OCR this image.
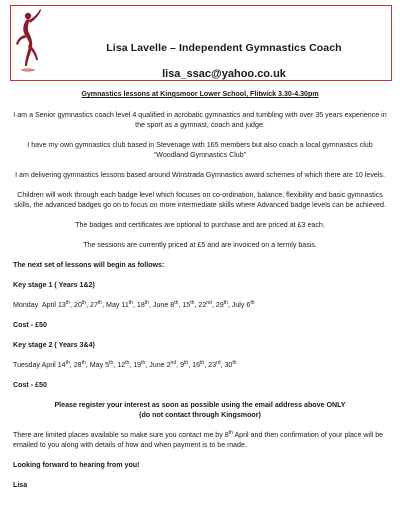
Lisa Lavelle – Independent Gymnastics Coach
lisa_ssac@yahoo.co.uk

Gymnastics lessons at Kingsmoor Lower School, Flitwick 3.30-4.30pm

I am a Senior gymnastics coach level 4 qualified in acrobatic gymnastics and tumbling with over 35 years experience in the sport as a gymnast, coach and judge.

I have my own gymnastics club based in Stevenage with 165 members but also coach a local gymnastics club “Woodland Gymnastics Club”

I am delivering gymnastics lessons based around Winstrada Gymnastics award schemes of which there are 10 levels.

Children will work through each badge level which focuses on co-ordination, balance, flexibility and basic gymnastics skills, the advanced badges go on to focus on more intermediate skills where Advanced badge levels can be achieved.

The badges and certificates are optional to purchase and are priced at £3 each.

The sessions are currently priced at £5 and are invoiced on a termly basis.

The next set of lessons will begin as follows:

Key stage 1 ( Years 1&2)

Monday April 13th, 20th, 27th, May 11th, 18th, June 8th, 15th, 22nd, 29th, July 6th

Cost - £50

Key stage 2 ( Years 3&4)

Tuesday April 14th, 28th, May 5th, 12th, 19th, June 2nd, 9th, 16th, 23rd, 30th

Cost - £50

Please register your interest as soon as possible using the email address above ONLY

(do not contact through Kingsmoor)

There are limited places available so make sure you contact me by 8th April and then confirmation of your place will be emailed to you along with details of how and when payment is to be made.

Looking forward to hearing from you!

Lisa
